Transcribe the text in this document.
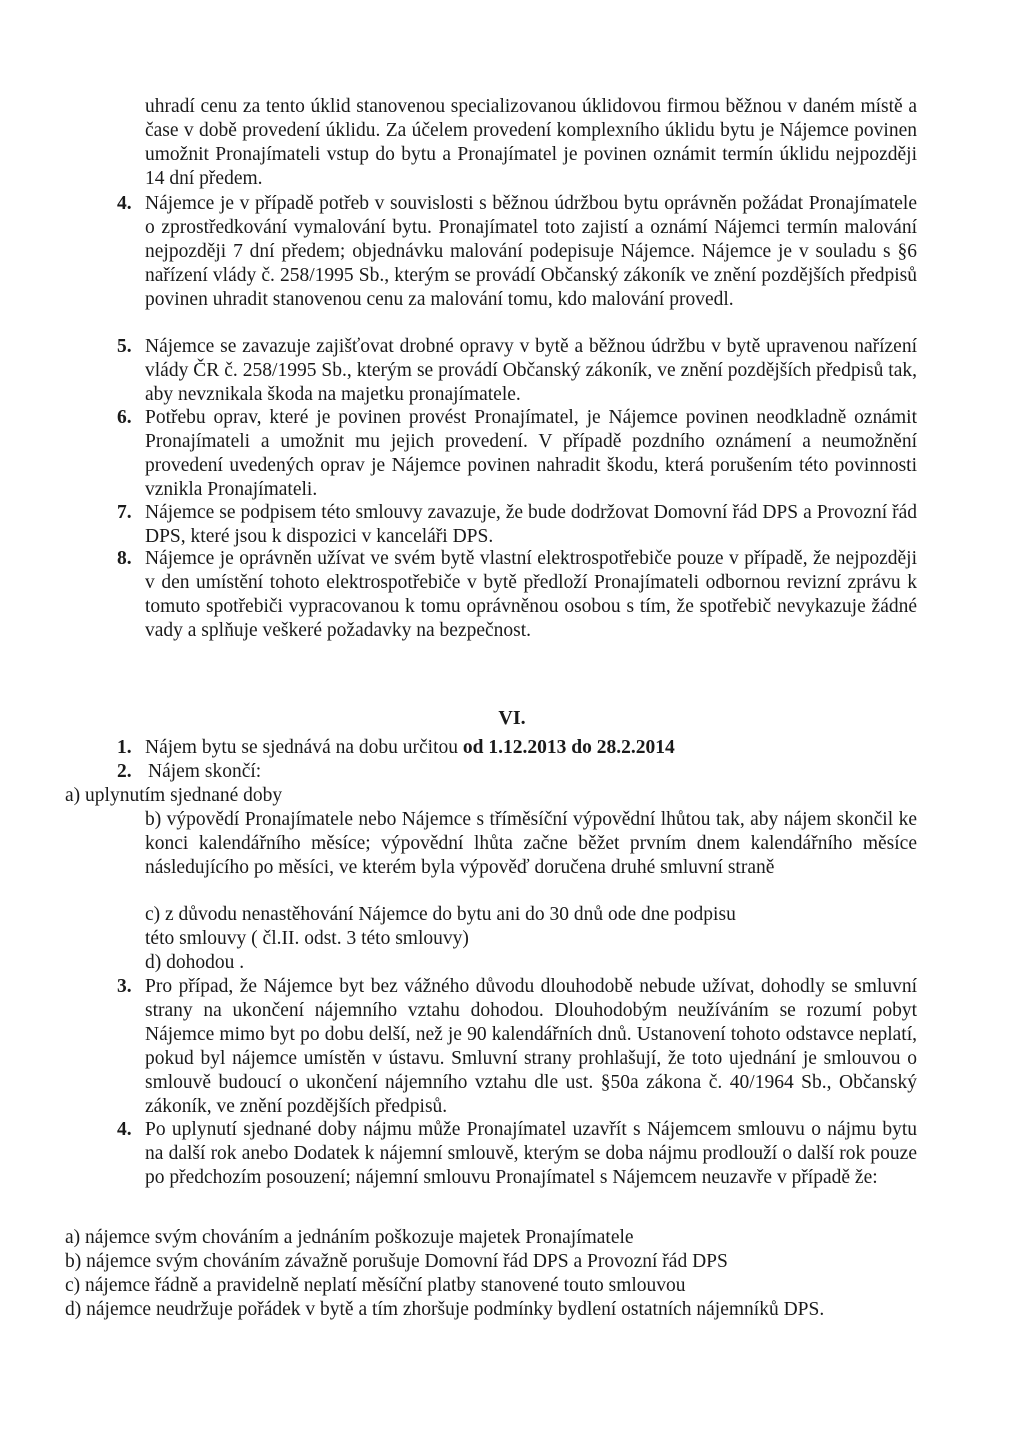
uhradí cenu za tento úklid stanovenou specializovanou úklidovou firmou běžnou v daném místě a čase v době provedení úklidu. Za účelem provedení komplexního úklidu bytu je Nájemce povinen umožnit Pronajímateli vstup do bytu a Pronajímatel je povinen oznámit termín úklidu nejpozději 14 dní předem.
4. Nájemce je v případě potřeb v souvislosti s běžnou údržbou bytu oprávněn požádat Pronajímatele o zprostředkování vymalování bytu. Pronajímatel toto zajistí a oznámí Nájemci termín malování nejpozději 7 dní předem; objednávku malování podepisuje Nájemce. Nájemce je v souladu s §6 nařízení vlády č. 258/1995 Sb., kterým se provádí Občanský zákoník ve znění pozdějších předpisů povinen uhradit stanovenou cenu za malování tomu, kdo malování provedl.
5. Nájemce se zavazuje zajišťovat drobné opravy v bytě a běžnou údržbu v bytě upravenou nařízení vlády ČR č. 258/1995 Sb., kterým se provádí Občanský zákoník, ve znění pozdějších předpisů tak, aby nevznikala škoda na majetku pronajímatele.
6. Potřebu oprav, které je povinen provést Pronajímatel, je Nájemce povinen neodkladně oznámit Pronajímateli a umožnit mu jejich provedení. V případě pozdního oznámení a neumožnění provedení uvedených oprav je Nájemce povinen nahradit škodu, která porušením této povinnosti vznikla Pronajímateli.
7. Nájemce se podpisem této smlouvy zavazuje, že bude dodržovat Domovní řád DPS a Provozní řád DPS, které jsou k dispozici v kanceláři DPS.
8. Nájemce je oprávněn užívat ve svém bytě vlastní elektrospotřebiče pouze v případě, že nejpozději v den umístění tohoto elektrospotřebiče v bytě předloží Pronajímateli odbornou revizní zprávu k tomuto spotřebiči vypracovanou k tomu oprávněnou osobou s tím, že spotřebič nevykazuje žádné vady a splňuje veškeré požadavky na bezpečnost.
VI.
1. Nájem bytu se sjednává na dobu určitou od 1.12.2013 do 28.2.2014
2. Nájem skončí:
a) uplynutím sjednané doby
b) výpovědí Pronajímatele nebo Nájemce s tříměsíční výpovědní lhůtou tak, aby nájem skončil ke konci kalendářního měsíce; výpovědní lhůta začne běžet prvním dnem kalendářního měsíce následujícího po měsíci, ve kterém byla výpověď doručena druhé smluvní straně
c) z důvodu nenastěhování Nájemce do bytu ani do 30 dnů ode dne podpisu
této smlouvy ( čl.II. odst. 3 této smlouvy)
d) dohodou .
3. Pro případ, že Nájemce byt bez vážného důvodu dlouhodobě nebude užívat, dohodly se smluvní strany na ukončení nájemního vztahu dohodou. Dlouhodobým neužíváním se rozumí pobyt Nájemce mimo byt po dobu delší, než je 90 kalendářních dnů. Ustanovení tohoto odstavce neplatí, pokud byl nájemce umístěn v ústavu. Smluvní strany prohlašují, že toto ujednání je smlouvou o smlouvě budoucí o ukončení nájemního vztahu dle ust. §50a zákona č. 40/1964 Sb., Občanský zákoník, ve znění pozdějších předpisů.
4. Po uplynutí sjednané doby nájmu může Pronajímatel uzavřít s Nájemcem smlouvu o nájmu bytu na další rok anebo Dodatek k nájemní smlouvě, kterým se doba nájmu prodlouží o další rok pouze po předchozím posouzení; nájemní smlouvu Pronajímatel s Nájemcem neuzavře v případě že:
a) nájemce svým chováním a jednáním poškozuje majetek Pronajímatele
b) nájemce svým chováním závažně porušuje Domovní řád DPS a Provozní řád DPS
c) nájemce řádně a pravidelně neplatí měsíční platby stanovené touto smlouvou
d) nájemce neudržuje pořádek v bytě a tím zhoršuje podmínky bydlení ostatních nájemníků DPS.
